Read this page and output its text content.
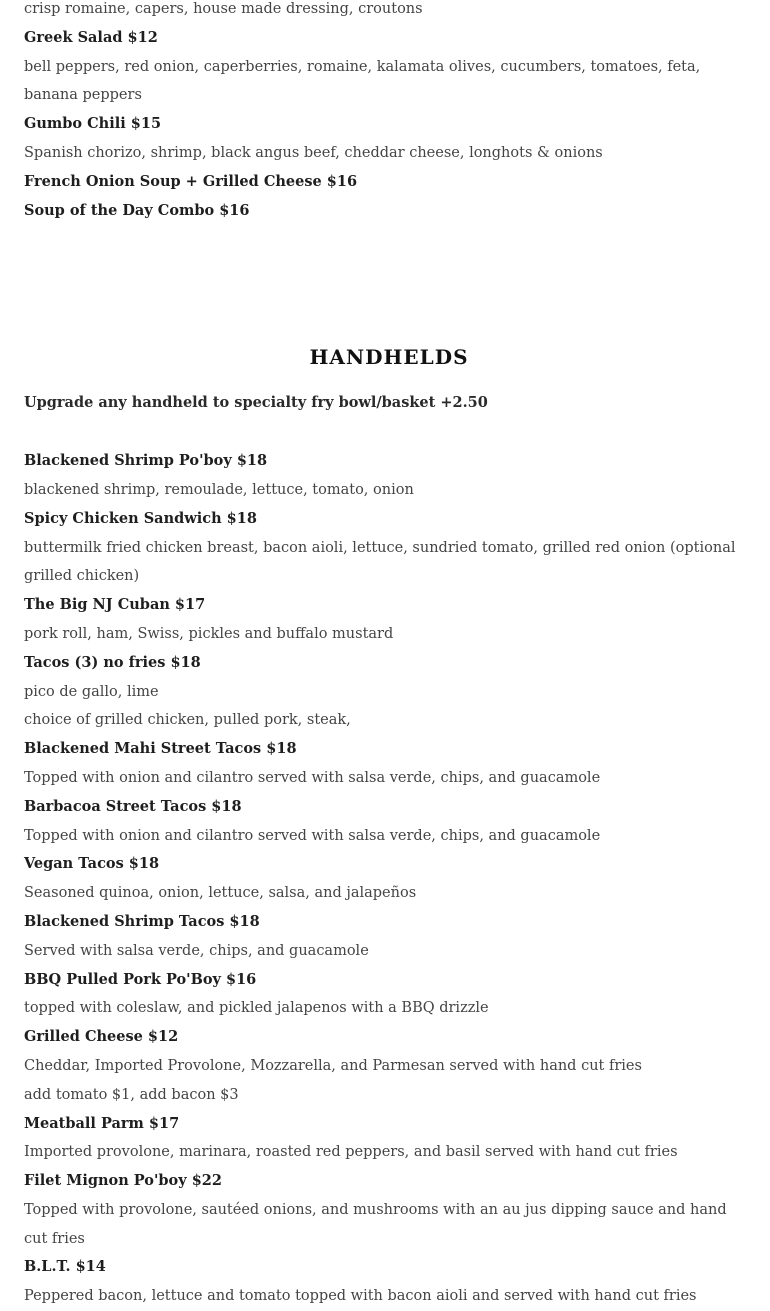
crisp romaine, capers, house made dressing, croutons

Greek Salad $12

bell peppers, red onion, caperberries, romaine, kalamata olives, cucumbers, tomatoes, feta, banana peppers

Gumbo Chili $15

Spanish chorizo, shrimp, black angus beef, cheddar cheese, longhots & onions

French Onion Soup + Grilled Cheese $16

Soup of the Day Combo $16

HANDHELDS

Upgrade any handheld to specialty fry bowl/basket +2.50

Blackened Shrimp Po'boy $18

blackened shrimp, remoulade, lettuce, tomato, onion

Spicy Chicken Sandwich $18

buttermilk fried chicken breast, bacon aioli, lettuce, sundried tomato, grilled red onion (optional grilled chicken)

The Big NJ Cuban $17

pork roll, ham, Swiss, pickles and buffalo mustard

Tacos (3) no fries $18

pico de gallo, lime

choice of grilled chicken, pulled pork, steak,

Blackened Mahi Street Tacos $18

Topped with onion and cilantro served with salsa verde, chips, and guacamole

Barbacoa Street Tacos $18

Topped with onion and cilantro served with salsa verde, chips, and guacamole

Vegan Tacos $18

Seasoned quinoa, onion, lettuce, salsa, and jalapeños

Blackened Shrimp Tacos $18

Served with salsa verde, chips, and guacamole

BBQ Pulled Pork Po'Boy $16

topped with coleslaw, and pickled jalapenos with a BBQ drizzle

Grilled Cheese $12

Cheddar, Imported Provolone, Mozzarella, and Parmesan served with hand cut fries

add tomato $1, add bacon $3

Meatball Parm $17

Imported provolone, marinara, roasted red peppers, and basil served with hand cut fries

Filet Mignon Po'boy $22

Topped with provolone, sautéed onions, and mushrooms with an au jus dipping sauce and hand cut fries

B.L.T. $14

Peppered bacon, lettuce and tomato topped with bacon aioli and served with hand cut fries
